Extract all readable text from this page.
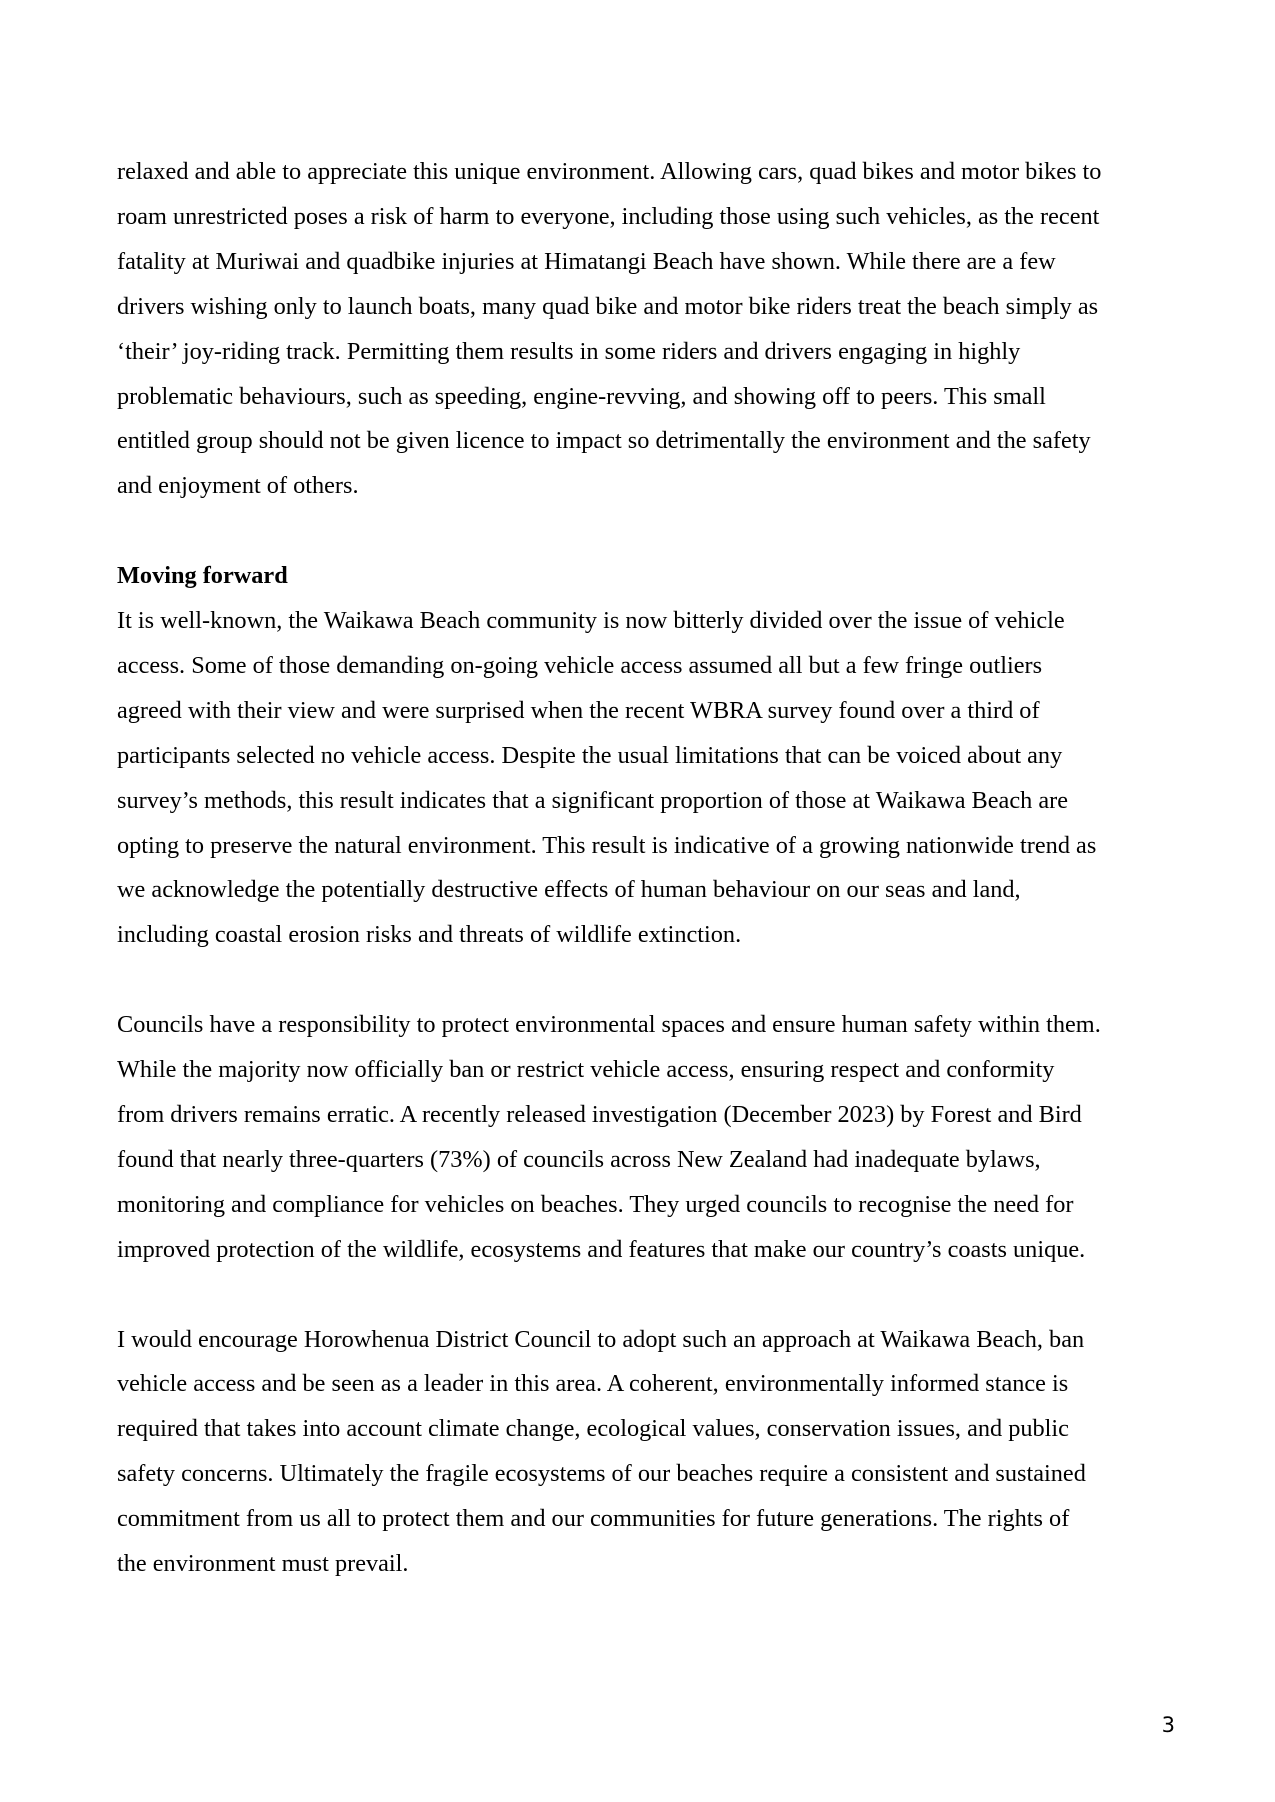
relaxed and able to appreciate this unique environment. Allowing cars, quad bikes and motor bikes to
roam unrestricted poses a risk of harm to everyone, including those using such vehicles, as the recent
fatality at Muriwai and quadbike injuries at Himatangi Beach have shown. While there are a few
drivers wishing only to launch boats, many quad bike and motor bike riders treat the beach simply as
‘their’ joy-riding track. Permitting them results in some riders and drivers engaging in highly
problematic behaviours, such as speeding, engine-revving, and showing off to peers. This small
entitled group should not be given licence to impact so detrimentally the environment and the safety
and enjoyment of others.

Moving forward

It is well-known, the Waikawa Beach community is now bitterly divided over the issue of vehicle
access. Some of those demanding on-going vehicle access assumed all but a few fringe outliers
agreed with their view and were surprised when the recent WBRA survey found over a third of
participants selected no vehicle access. Despite the usual limitations that can be voiced about any
survey’s methods, this result indicates that a significant proportion of those at Waikawa Beach are
opting to preserve the natural environment. This result is indicative of a growing nationwide trend as
we acknowledge the potentially destructive effects of human behaviour on our seas and land,
including coastal erosion risks and threats of wildlife extinction.

Councils have a responsibility to protect environmental spaces and ensure human safety within them.
While the majority now officially ban or restrict vehicle access, ensuring respect and conformity
from drivers remains erratic. A recently released investigation (December 2023) by Forest and Bird
found that nearly three-quarters (73%) of councils across New Zealand had inadequate bylaws,
monitoring and compliance for vehicles on beaches. They urged councils to recognise the need for
improved protection of the wildlife, ecosystems and features that make our country’s coasts unique.

I would encourage Horowhenua District Council to adopt such an approach at Waikawa Beach, ban
vehicle access and be seen as a leader in this area. A coherent, environmentally informed stance is
required that takes into account climate change, ecological values, conservation issues, and public
safety concerns. Ultimately the fragile ecosystems of our beaches require a consistent and sustained
commitment from us all to protect them and our communities for future generations. The rights of
the environment must prevail.

3
